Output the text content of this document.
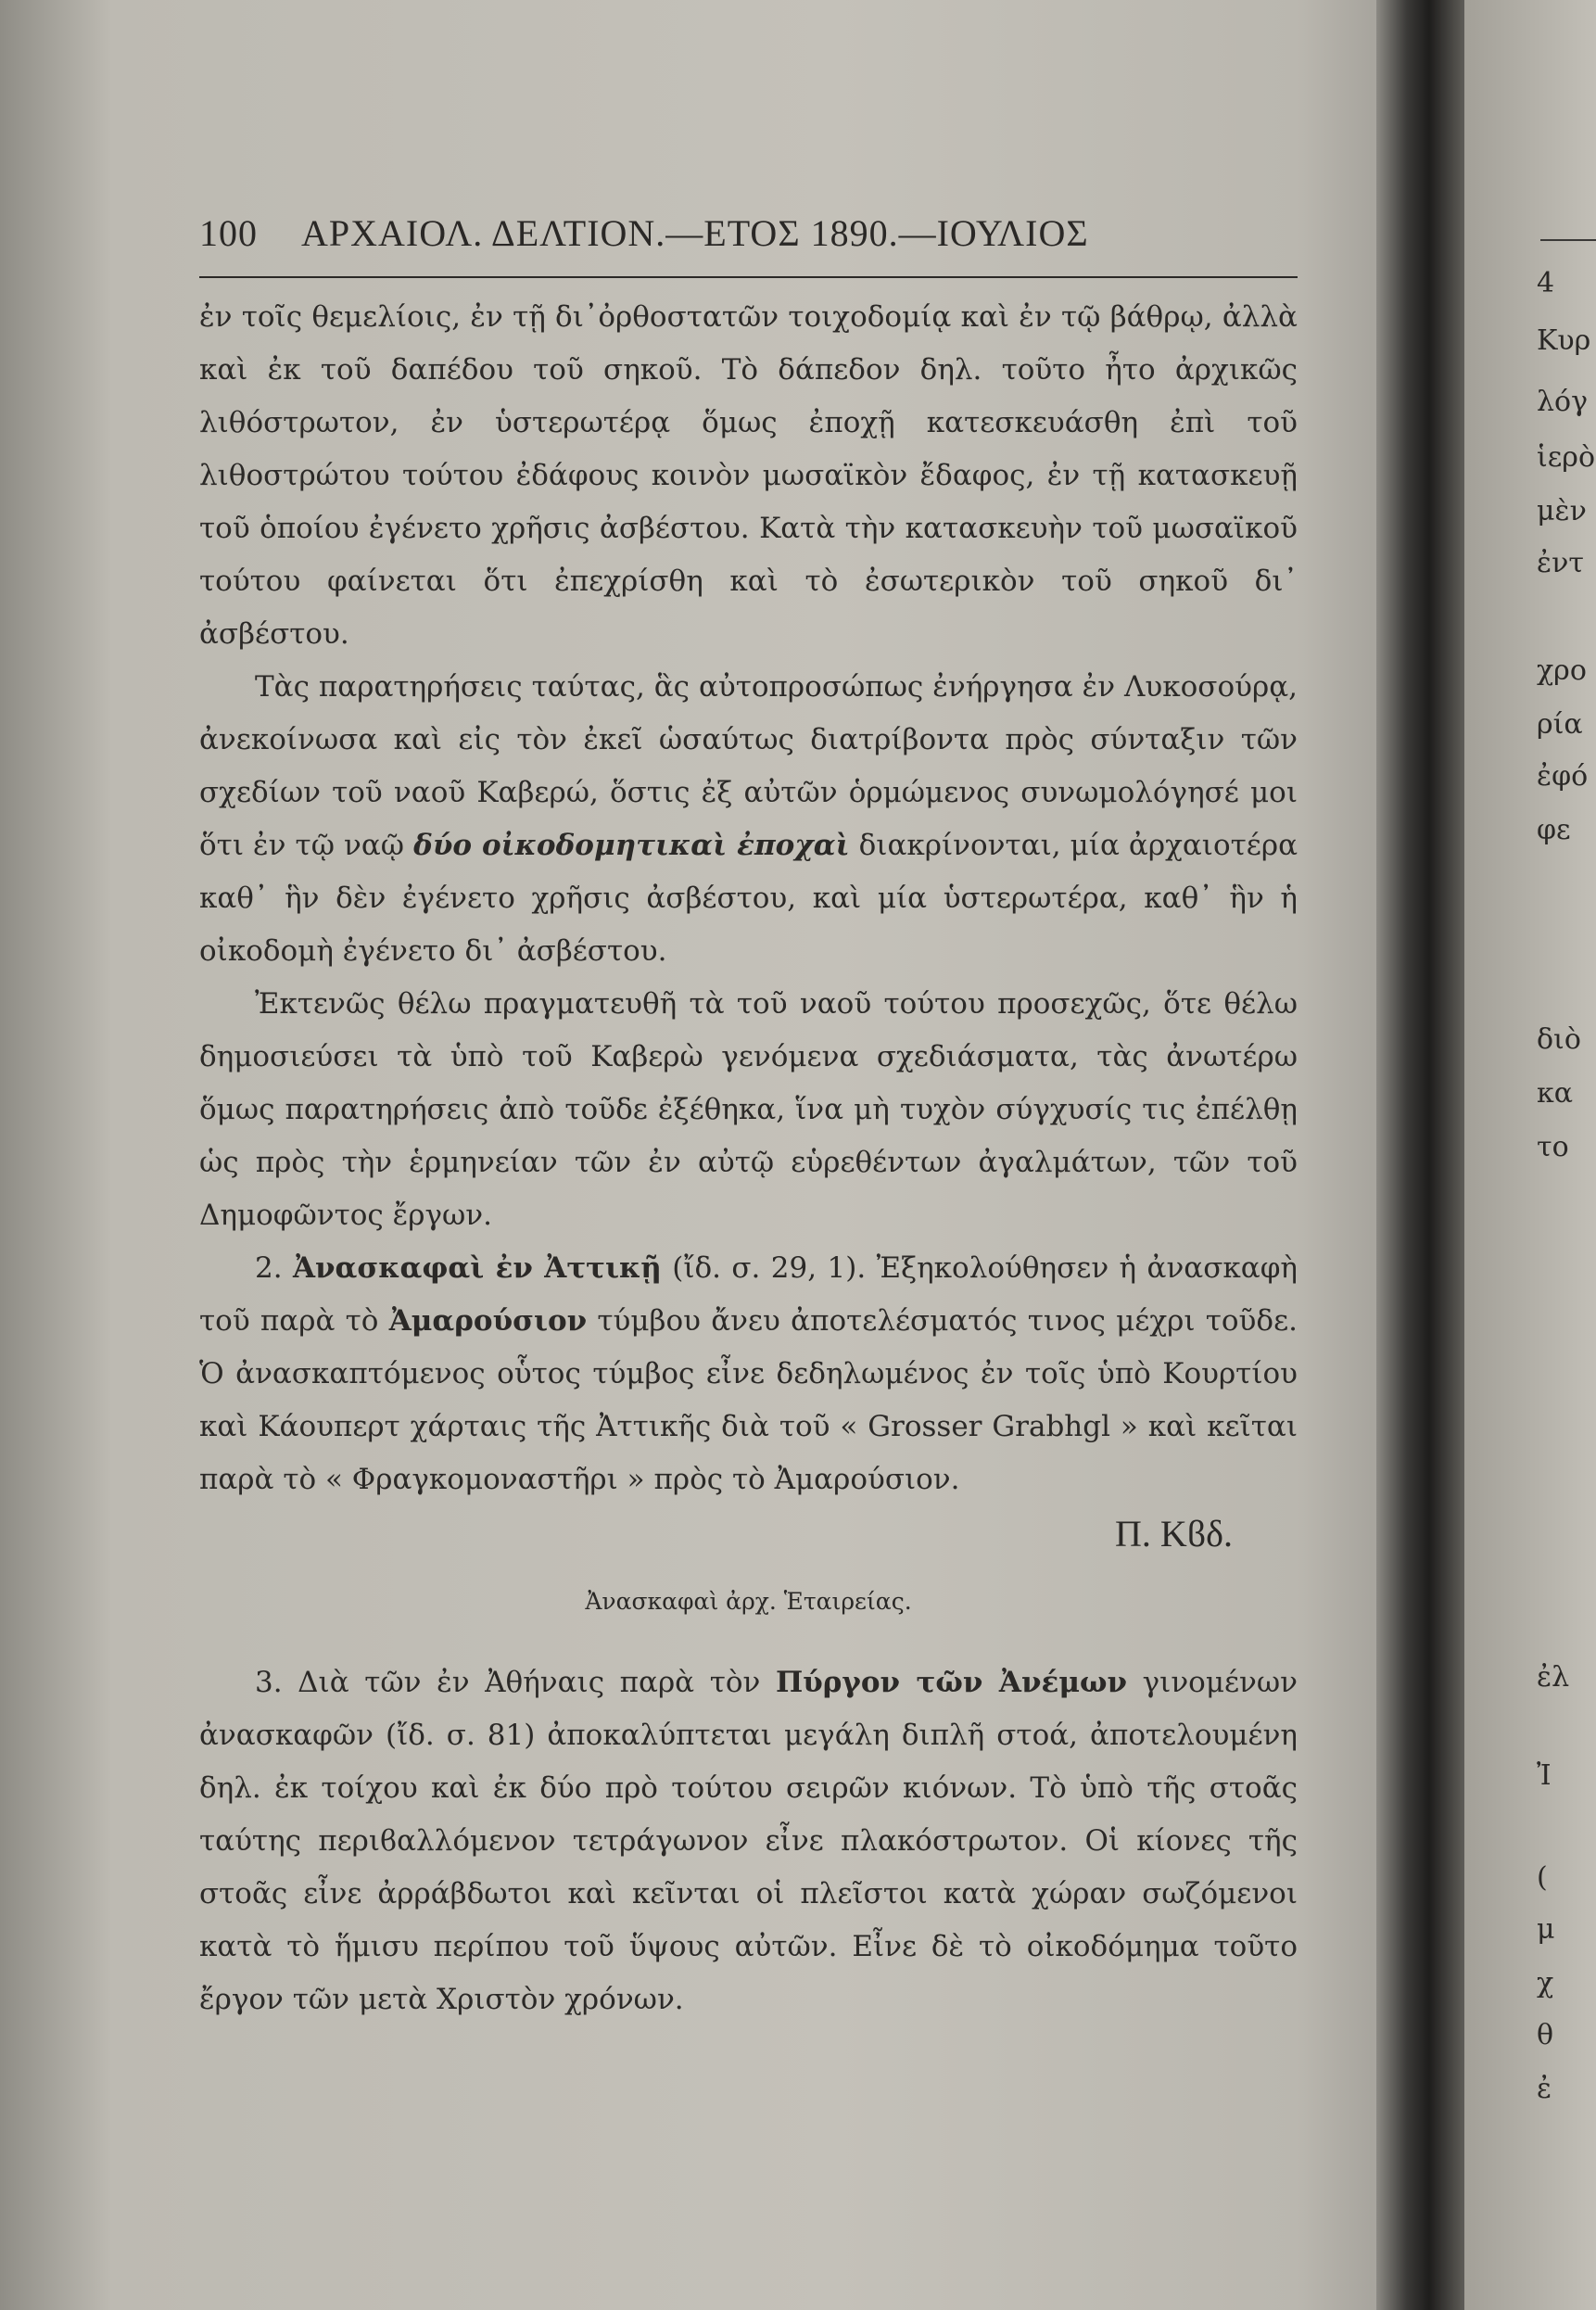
100	ΑΡΧΑΙΟΛ. ΔΕΛΤΙΟΝ.—ΕΤΟΣ 1890.—ΙΟΥΛΙΟΣ

ἐν τοῖς θεμελίοις, ἐν τῇ δι᾽ὀρθοστατῶν τοιχοδομίᾳ καὶ ἐν τῷ βάθρῳ, ἀλλὰ καὶ ἐκ τοῦ δαπέδου τοῦ σηκοῦ. Τὸ δάπεδον δηλ. τοῦτο ἦτο ἀρχικῶς λιθόστρωτον, ἐν ὑστερωτέρᾳ ὅμως ἐποχῇ κατεσκευάσθη ἐπὶ τοῦ λιθοστρώτου τούτου ἐδάφους κοινὸν μωσαϊκὸν ἔδαφος, ἐν τῇ κατασκευῇ τοῦ ὁποίου ἐγένετο χρῆσις ἀσβέστου. Κατὰ τὴν κατασκευὴν τοῦ μωσαϊκοῦ τούτου φαίνεται ὅτι ἐπεχρίσθη καὶ τὸ ἐσωτερικὸν τοῦ σηκοῦ δι᾽ ἀσβέστου.

Τὰς παρατηρήσεις ταύτας, ἃς αὐτοπροσώπως ἐνήργησα ἐν Λυκοσούρᾳ, ἀνεκοίνωσα καὶ εἰς τὸν ἐκεῖ ὡσαύτως διατρίβοντα πρὸς σύνταξιν τῶν σχεδίων τοῦ ναοῦ Καβερώ, ὅστις ἐξ αὐτῶν ὁρμώμενος συνωμολόγησέ μοι ὅτι ἐν τῷ ναῷ δύο οἰκοδομητικαὶ ἐποχαὶ διακρίνονται, μία ἀρχαιοτέρα καθ᾽ ἣν δὲν ἐγένετο χρῆσις ἀσβέστου, καὶ μία ὑστερωτέρα, καθ᾽ ἣν ἡ οἰκοδομὴ ἐγένετο δι᾽ ἀσβέστου.

Ἐκτενῶς θέλω πραγματευθῆ τὰ τοῦ ναοῦ τούτου προσεχῶς, ὅτε θέλω δημοσιεύσει τὰ ὑπὸ τοῦ Καβερὼ γενόμενα σχεδιάσματα, τὰς ἀνωτέρω ὅμως παρατηρήσεις ἀπὸ τοῦδε ἐξέθηκα, ἵνα μὴ τυχὸν σύγχυσίς τις ἐπέλθῃ ὡς πρὸς τὴν ἑρμηνείαν τῶν ἐν αὐτῷ εὑρεθέντων ἀγαλμάτων, τῶν τοῦ Δημοφῶντος ἔργων.

2. Ἀνασκαφαὶ ἐν Ἀττικῇ (ἴδ. σ. 29, 1). Ἐξηκολούθησεν ἡ ἀνασκαφὴ τοῦ παρὰ τὸ Ἀμαρούσιον τύμβου ἄνευ ἀποτελέσματός τινος μέχρι τοῦδε. Ὁ ἀνασκαπτόμενος οὗτος τύμβος εἶνε δεδηλωμένος ἐν τοῖς ὑπὸ Κουρτίου καὶ Κάουπερτ χάρταις τῆς Ἀττικῆς διὰ τοῦ « Grosser Grabhgl » καὶ κεῖται παρὰ τὸ « Φραγκομοναστῆρι » πρὸς τὸ Ἀμαρούσιον.

Π. Κϐδ.

Ἀνασκαφαὶ ἀρχ. Ἑταιρείας.

3. Διὰ τῶν ἐν Ἀθήναις παρὰ τὸν Πύργον τῶν Ἀνέμων γινομένων ἀνασκαφῶν (ἴδ. σ. 81) ἀποκαλύπτεται μεγάλη διπλῆ στοά, ἀποτελουμένη δηλ. ἐκ τοίχου καὶ ἐκ δύο πρὸ τούτου σειρῶν κιόνων. Τὸ ὑπὸ τῆς στοᾶς ταύτης περιϐαλλόμενον τετράγωνον εἶνε πλακόστρωτον. Οἱ κίονες τῆς στοᾶς εἶνε ἀρράβδωτοι καὶ κεῖνται οἱ πλεῖστοι κατὰ χώραν σωζόμενοι κατὰ τὸ ἥμισυ περίπου τοῦ ὕψους αὐτῶν. Εἶνε δὲ τὸ οἰκοδόμημα τοῦτο ἔργον τῶν μετὰ Χριστὸν χρόνων.

4

Κυρ

λόγ

ἱερὸ

μὲν

ἐντ

χρο

ρία

ἐφό

φε

διὸ

κα

το

ἐλ

Ἰ

(

μ

χ

θ

ἐ
